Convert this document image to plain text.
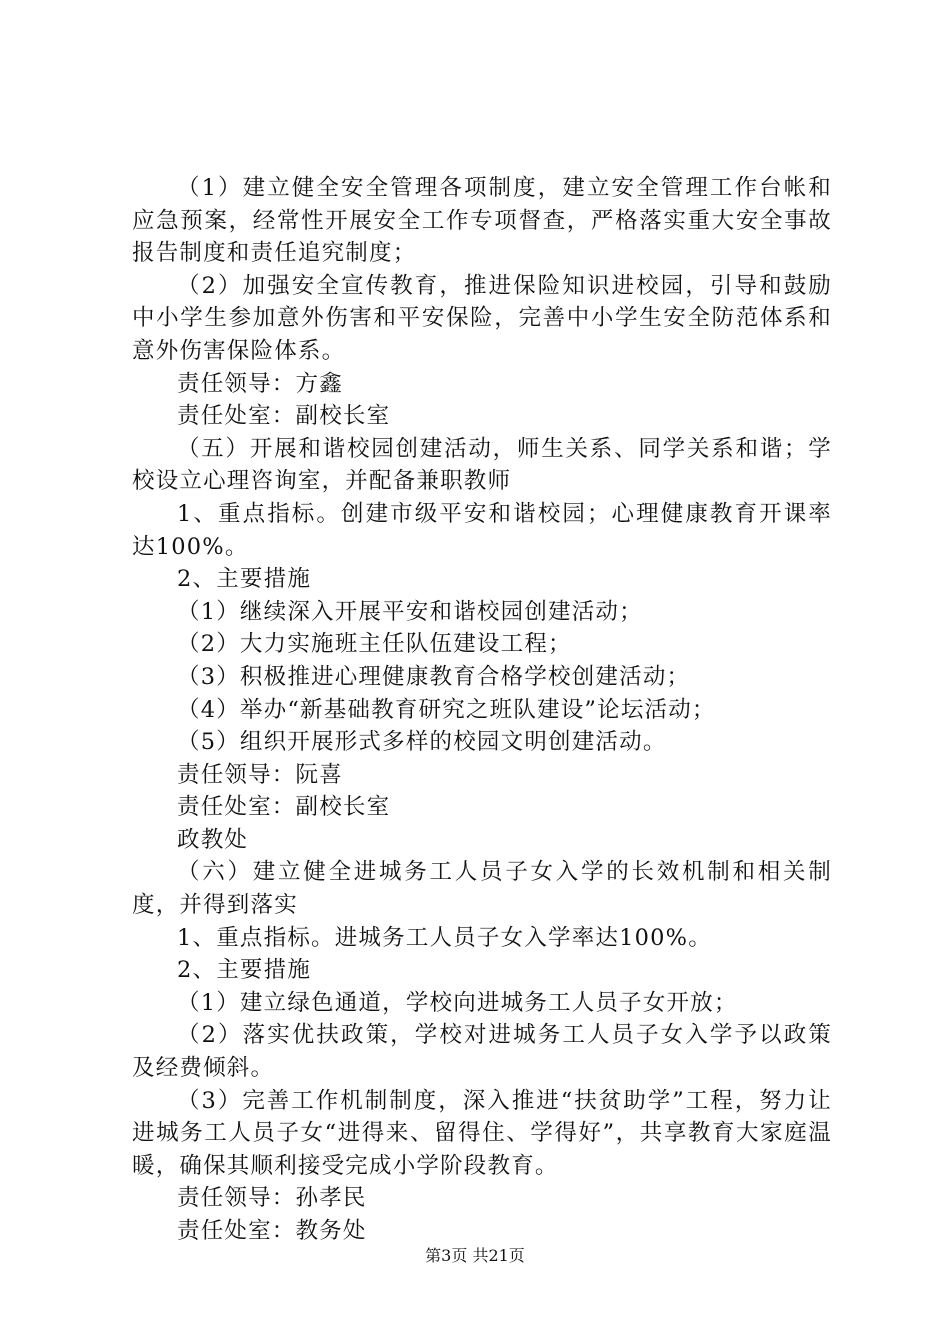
（1）建立健全安全管理各项制度，建立安全管理工作台帐和应急预案，经常性开展安全工作专项督查，严格落实重大安全事故报告制度和责任追究制度；

（2）加强安全宣传教育，推进保险知识进校园，引导和鼓励中小学生参加意外伤害和平安保险，完善中小学生安全防范体系和意外伤害保险体系。

责任领导：方鑫

责任处室：副校长室

（五）开展和谐校园创建活动，师生关系、同学关系和谐；学校设立心理咨询室，并配备兼职教师

1、重点指标。创建市级平安和谐校园；心理健康教育开课率达100%。

2、主要措施

（1）继续深入开展平安和谐校园创建活动；

（2）大力实施班主任队伍建设工程；

（3）积极推进心理健康教育合格学校创建活动；

（4）举办“新基础教育研究之班队建设”论坛活动；

（5）组织开展形式多样的校园文明创建活动。

责任领导：阮喜

责任处室：副校长室

政教处

（六）建立健全进城务工人员子女入学的长效机制和相关制度，并得到落实

1、重点指标。进城务工人员子女入学率达100%。

2、主要措施

（1）建立绿色通道，学校向进城务工人员子女开放；

（2）落实优扶政策，学校对进城务工人员子女入学予以政策及经费倾斜。

（3）完善工作机制制度，深入推进“扶贫助学”工程，努力让进城务工人员子女“进得来、留得住、学得好”，共享教育大家庭温暖，确保其顺利接受完成小学阶段教育。

责任领导：孙孝民

责任处室：教务处

第3页 共21页
